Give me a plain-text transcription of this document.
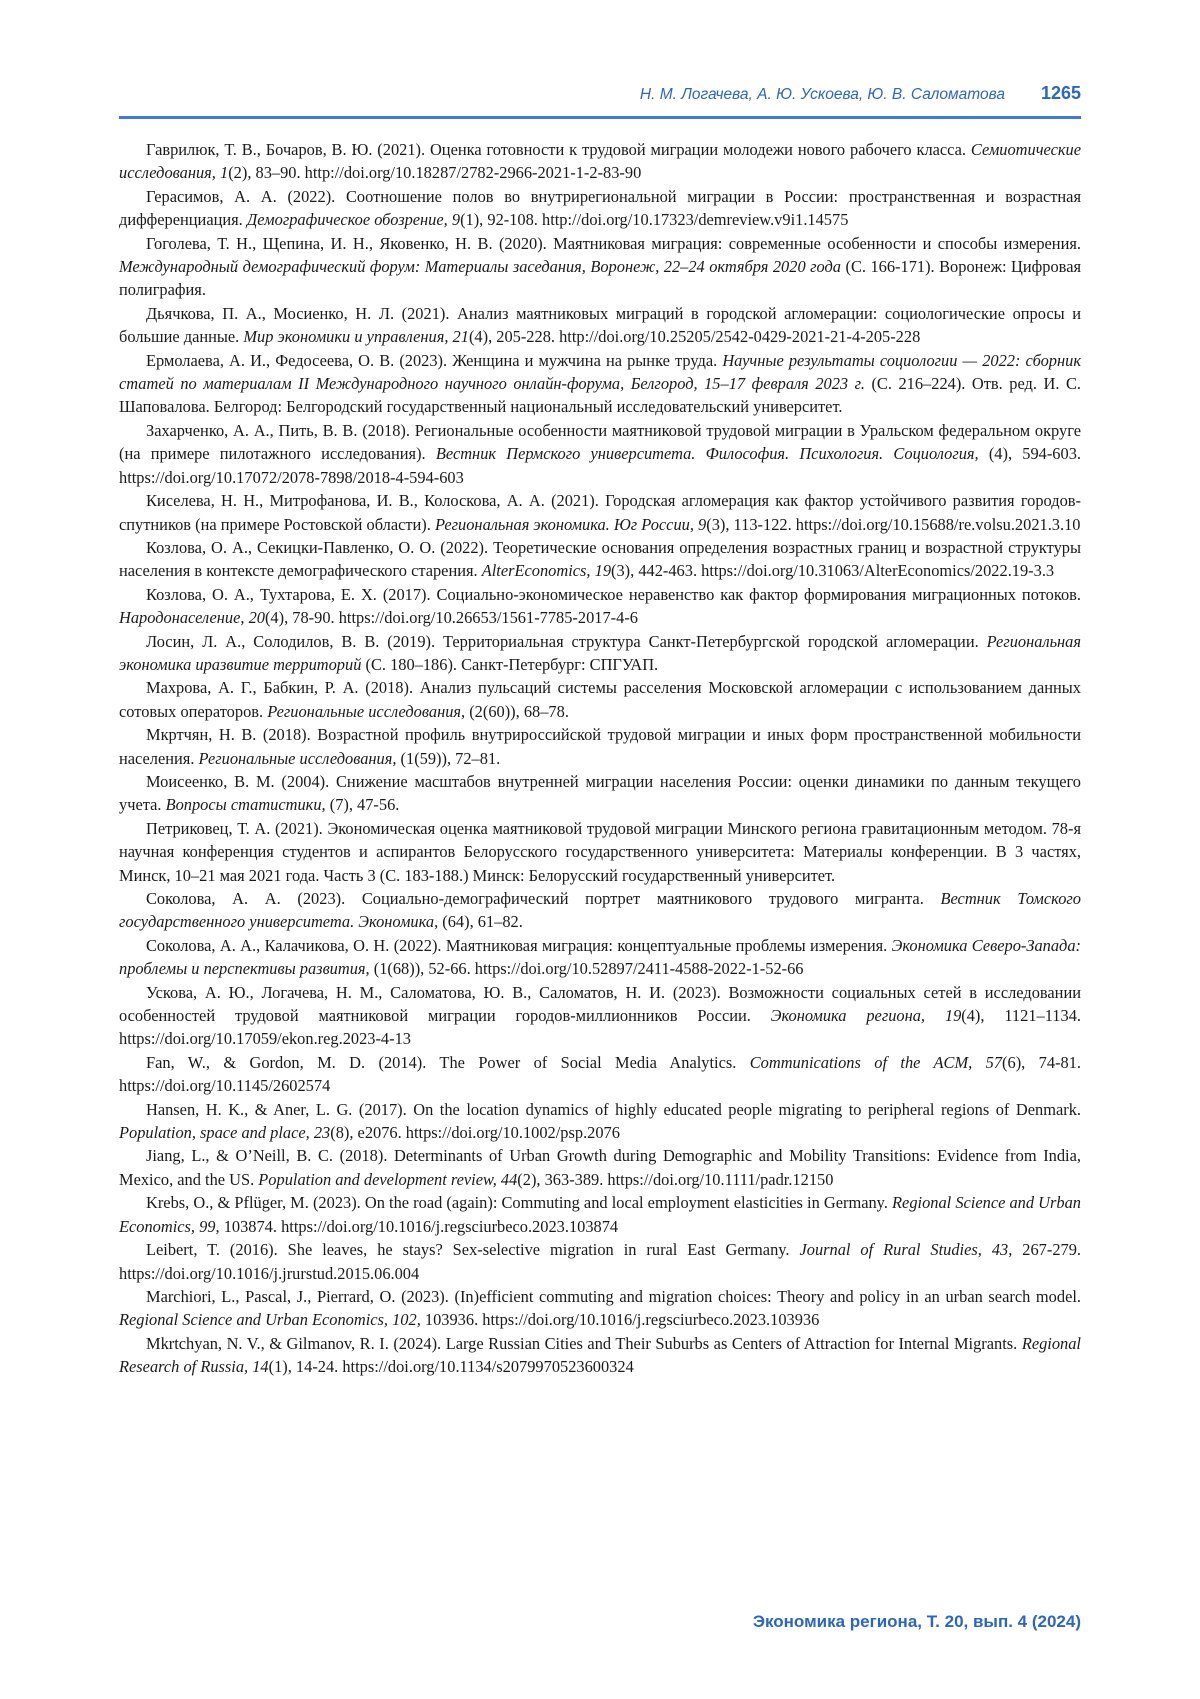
Н. М. Логачева, А. Ю. Ускоева, Ю. В. Саломатова 1265

Гаврилюк, Т. В., Бочаров, В. Ю. (2021). Оценка готовности к трудовой миграции молодежи нового рабочего класса. Семиотические исследования, 1(2), 83–90. http://doi.org/10.18287/2782-2966-2021-1-2-83-90

Герасимов, А. А. (2022). Соотношение полов во внутрирегиональной миграции в России: пространственная и возрастная дифференциация. Демографическое обозрение, 9(1), 92-108. http://doi.org/10.17323/demreview.v9i1.14575

Гоголева, Т. Н., Щепина, И. Н., Яковенко, Н. В. (2020). Маятниковая миграция: современные особенности и способы измерения. Международный демографический форум: Материалы заседания, Воронеж, 22–24 октября 2020 года (С. 166-171). Воронеж: Цифровая полиграфия.

Дьячкова, П. А., Мосиенко, Н. Л. (2021). Анализ маятниковых миграций в городской агломерации: социологические опросы и большие данные. Мир экономики и управления, 21(4), 205-228. http://doi.org/10.25205/2542-0429-2021-21-4-205-228

Ермолаева, А. И., Федосеева, О. В. (2023). Женщина и мужчина на рынке труда. Научные результаты социологии — 2022: сборник статей по материалам II Международного научного онлайн-форума, Белгород, 15–17 февраля 2023 г. (С. 216–224). Отв. ред. И. С. Шаповалова. Белгород: Белгородский государственный национальный исследовательский университет.

Захарченко, А. А., Пить, В. В. (2018). Региональные особенности маятниковой трудовой миграции в Уральском федеральном округе (на примере пилотажного исследования). Вестник Пермского университета. Философия. Психология. Социология, (4), 594-603. https://doi.org/10.17072/2078-7898/2018-4-594-603

Киселева, Н. Н., Митрофанова, И. В., Колоскова, А. А. (2021). Городская агломерация как фактор устойчивого развития городов-спутников (на примере Ростовской области). Региональная экономика. Юг России, 9(3), 113-122. https://doi.org/10.15688/re.volsu.2021.3.10

Козлова, О. А., Секицки-Павленко, О. О. (2022). Теоретические основания определения возрастных границ и возрастной структуры населения в контексте демографического старения. AlterEconomics, 19(3), 442-463. https://doi.org/10.31063/AlterEconomics/2022.19-3.3

Козлова, О. А., Тухтарова, Е. Х. (2017). Социально-экономическое неравенство как фактор формирования миграционных потоков. Народонаселение, 20(4), 78-90. https://doi.org/10.26653/1561-7785-2017-4-6

Лосин, Л. А., Солодилов, В. В. (2019). Территориальная структура Санкт-Петербургской городской агломерации. Региональная экономика иразвитие территорий (С. 180–186). Санкт-Петербург: СПГУАП.

Махрова, А. Г., Бабкин, Р. А. (2018). Анализ пульсаций системы расселения Московской агломерации с использованием данных сотовых операторов. Региональные исследования, (2(60)), 68–78.

Мкртчян, Н. В. (2018). Возрастной профиль внутрироссийской трудовой миграции и иных форм пространственной мобильности населения. Региональные исследования, (1(59)), 72–81.

Моисеенко, В. М. (2004). Снижение масштабов внутренней миграции населения России: оценки динамики по данным текущего учета. Вопросы статистики, (7), 47-56.

Петриковец, Т. А. (2021). Экономическая оценка маятниковой трудовой миграции Минского региона гравитационным методом. 78-я научная конференция студентов и аспирантов Белорусского государственного университета: Материалы конференции. В 3 частях, Минск, 10–21 мая 2021 года. Часть 3 (С. 183-188.) Минск: Белорусский государственный университет.

Соколова, А. А. (2023). Социально-демографический портрет маятникового трудового мигранта. Вестник Томского государственного университета. Экономика, (64), 61–82.

Соколова, А. А., Калачикова, О. Н. (2022). Маятниковая миграция: концептуальные проблемы измерения. Экономика Северо-Запада: проблемы и перспективы развития, (1(68)), 52-66. https://doi.org/10.52897/2411-4588-2022-1-52-66

Ускова, А. Ю., Логачева, Н. М., Саломатова, Ю. В., Саломатов, Н. И. (2023). Возможности социальных сетей в исследовании особенностей трудовой маятниковой миграции городов-миллионников России. Экономика региона, 19(4), 1121–1134. https://doi.org/10.17059/ekon.reg.2023-4-13

Fan, W., & Gordon, M. D. (2014). The Power of Social Media Analytics. Communications of the ACM, 57(6), 74-81. https://doi.org/10.1145/2602574

Hansen, H. K., & Aner, L. G. (2017). On the location dynamics of highly educated people migrating to peripheral regions of Denmark. Population, space and place, 23(8), e2076. https://doi.org/10.1002/psp.2076

Jiang, L., & O’Neill, B. C. (2018). Determinants of Urban Growth during Demographic and Mobility Transitions: Evidence from India, Mexico, and the US. Population and development review, 44(2), 363-389. https://doi.org/10.1111/padr.12150

Krebs, O., & Pflüger, M. (2023). On the road (again): Commuting and local employment elasticities in Germany. Regional Science and Urban Economics, 99, 103874. https://doi.org/10.1016/j.regsciurbeco.2023.103874

Leibert, T. (2016). She leaves, he stays? Sex-selective migration in rural East Germany. Journal of Rural Studies, 43, 267-279. https://doi.org/10.1016/j.jrurstud.2015.06.004

Marchiori, L., Pascal, J., Pierrard, O. (2023). (In)efficient commuting and migration choices: Theory and policy in an urban search model. Regional Science and Urban Economics, 102, 103936. https://doi.org/10.1016/j.regsciurbeco.2023.103936

Mkrtchyan, N. V., & Gilmanov, R. I. (2024). Large Russian Cities and Their Suburbs as Centers of Attraction for Internal Migrants. Regional Research of Russia, 14(1), 14-24. https://doi.org/10.1134/s2079970523600324

Экономика региона, Т. 20, вып. 4 (2024)
